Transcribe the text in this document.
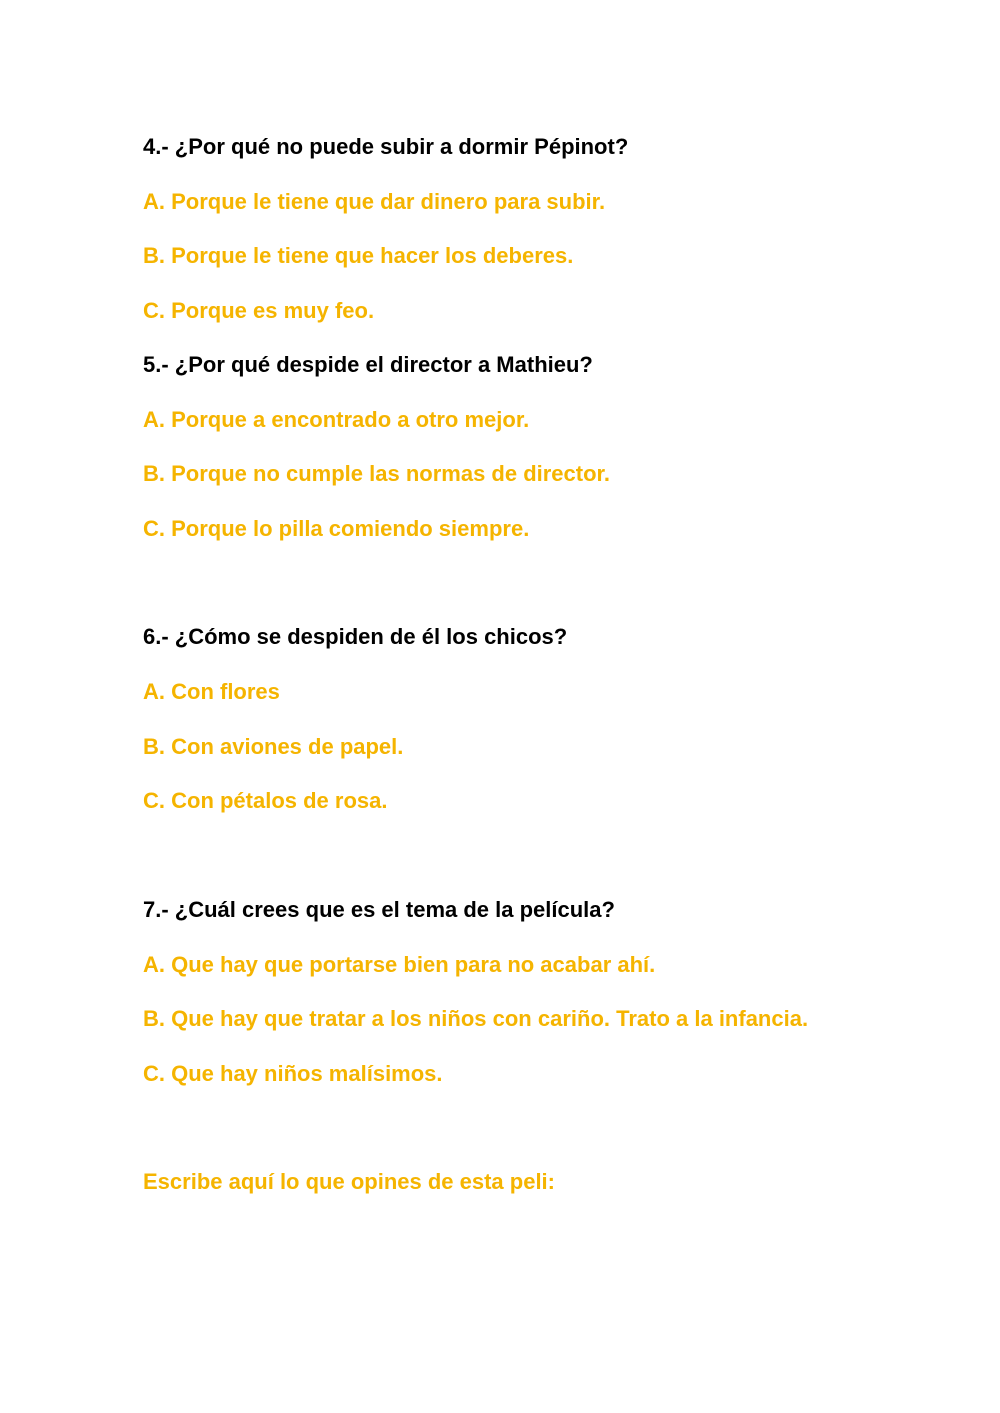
4.- ¿Por qué no puede subir a dormir Pépinot?
A. Porque le tiene que dar dinero para subir.
B. Porque le tiene que hacer los deberes.
C. Porque es muy feo.
5.- ¿Por qué despide el director a Mathieu?
A. Porque a encontrado a otro mejor.
B. Porque no cumple las normas de director.
C. Porque lo pilla comiendo siempre.
6.- ¿Cómo se despiden de él los chicos?
A. Con flores
B. Con aviones de papel.
C. Con pétalos de rosa.
7.- ¿Cuál crees que es el tema de la película?
A. Que hay que portarse bien para no acabar ahí.
B. Que hay que tratar a los niños con cariño. Trato a la infancia.
C. Que hay niños malísimos.
Escribe aquí lo que opines de esta peli:
